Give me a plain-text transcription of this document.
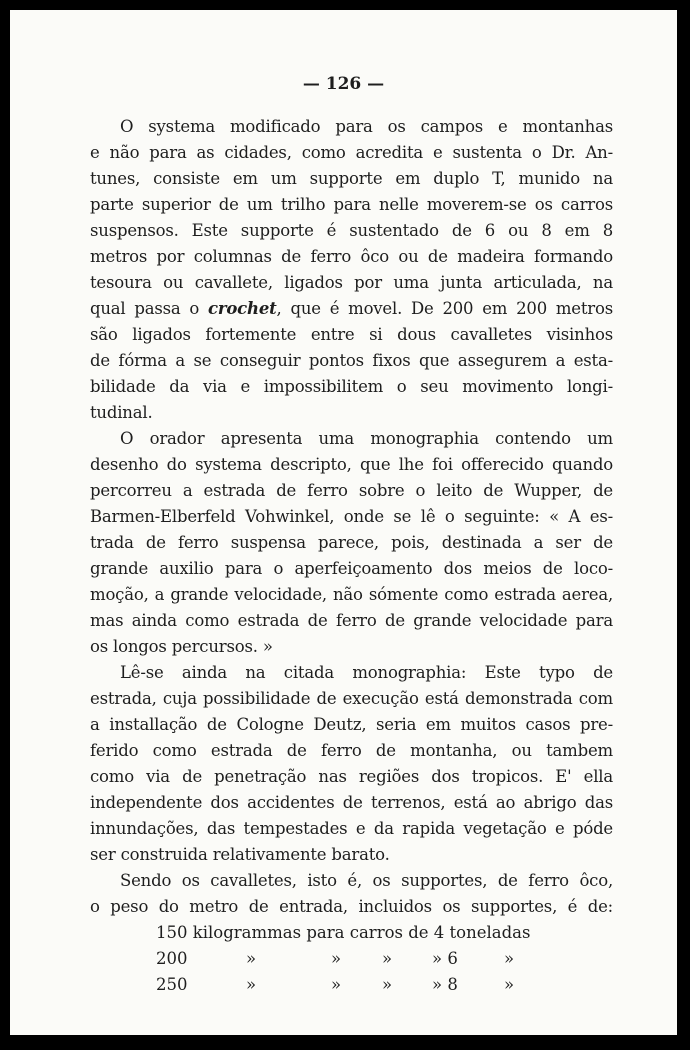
— 126 —
O systema modificado para os campos e montanhas
e não para as cidades, como acredita e sustenta o Dr. An-
tunes, consiste em um supporte em duplo T, munido na
parte superior de um trilho para nelle moverem-se os carros
suspensos. Este supporte é sustentado de 6 ou 8 em 8
metros por columnas de ferro ôco ou de madeira formando
tesoura ou cavallete, ligados por uma junta articulada, na
qual passa o crochet, que é movel. De 200 em 200 metros
são ligados fortemente entre si dous cavalletes visinhos
de fórma a se conseguir pontos fixos que assegurem a esta-
bilidade da via e impossibilitem o seu movimento longi-
tudinal.
O orador apresenta uma monographia contendo um
desenho do systema descripto, que lhe foi offerecido quando
percorreu a estrada de ferro sobre o leito de Wupper, de
Barmen-Elberfeld Vohwinkel, onde se lê o seguinte: « A es-
trada de ferro suspensa parece, pois, destinada a ser de
grande auxilio para o aperfeiçoamento dos meios de loco-
moção, a grande velocidade, não sómente como estrada aerea,
mas ainda como estrada de ferro de grande velocidade para
os longos percursos. »
Lê-se ainda na citada monographia: Este typo de
estrada, cuja possibilidade de execução está demonstrada com
a installação de Cologne Deutz, seria em muitos casos pre-
ferido como estrada de ferro de montanha, ou tambem
como via de penetração nas regiões dos tropicos. E' ella
independente dos accidentes de terrenos, está ao abrigo das
innundações, das tempestades e da rapida vegetação e póde
ser construida relativamente barato.
Sendo os cavalletes, isto é, os supportes, de ferro ôco,
o peso do metro de entrada, incluidos os supportes, é de:
150 kilogrammas para carros de 4 toneladas
200	»	» » » 6	»
250	»	» » » 8	»
